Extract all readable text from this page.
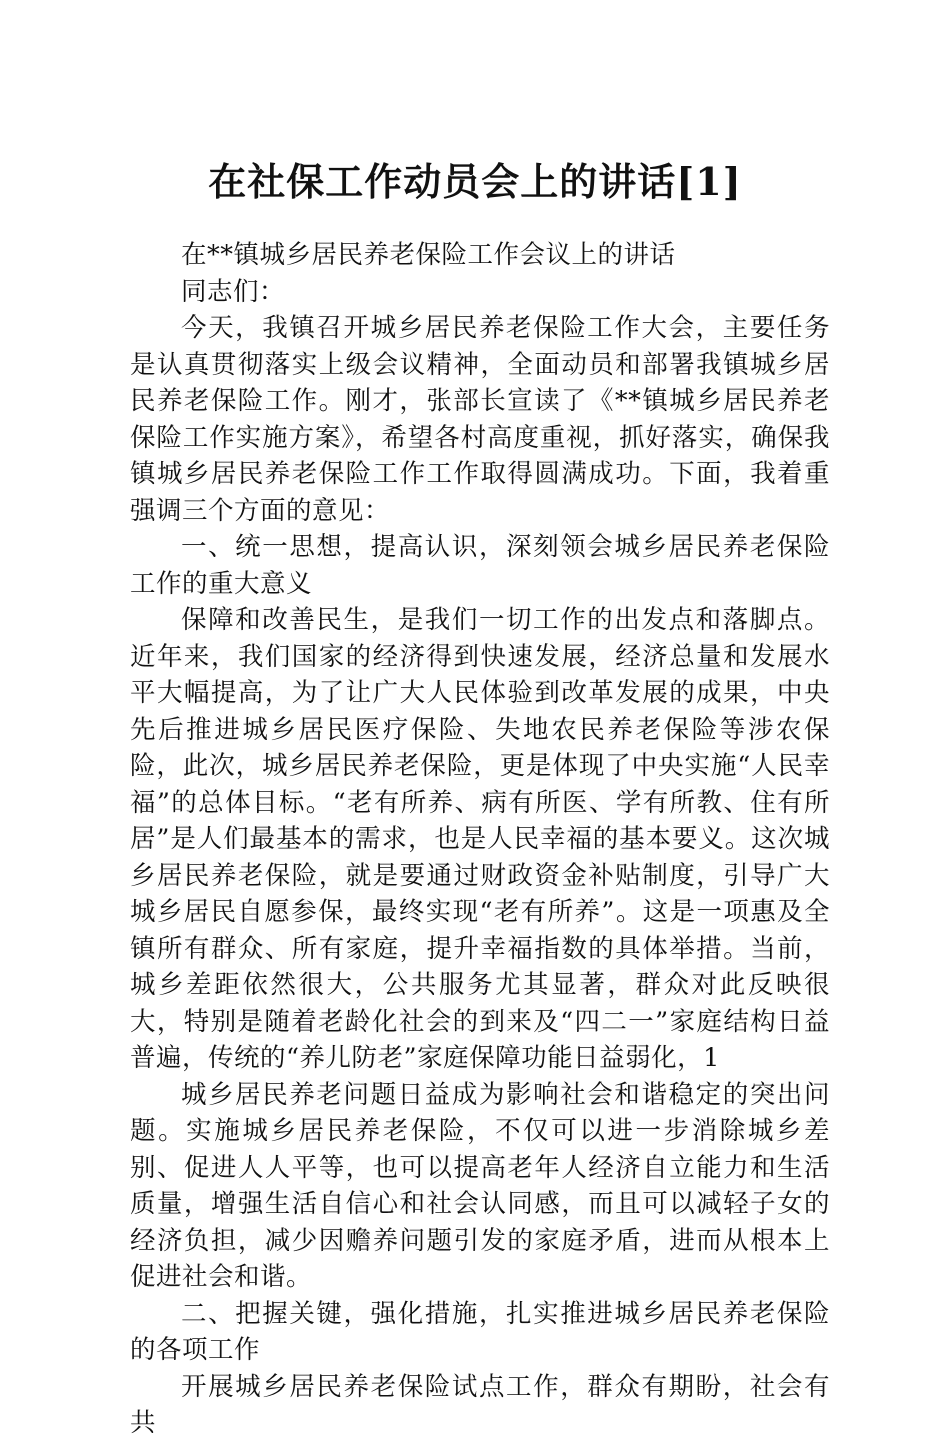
在社保工作动员会上的讲话[1]

在**镇城乡居民养老保险工作会议上的讲话

同志们：

今天，我镇召开城乡居民养老保险工作大会，主要任务是认真贯彻落实上级会议精神，全面动员和部署我镇城乡居民养老保险工作。刚才，张部长宣读了《**镇城乡居民养老保险工作实施方案》，希望各村高度重视，抓好落实，确保我镇城乡居民养老保险工作工作取得圆满成功。下面，我着重强调三个方面的意见：

一、统一思想，提高认识，深刻领会城乡居民养老保险工作的重大意义

保障和改善民生，是我们一切工作的出发点和落脚点。近年来，我们国家的经济得到快速发展，经济总量和发展水平大幅提高，为了让广大人民体验到改革发展的成果，中央先后推进城乡居民医疗保险、失地农民养老保险等涉农保险，此次，城乡居民养老保险，更是体现了中央实施“人民幸福”的总体目标。“老有所养、病有所医、学有所教、住有所居”是人们最基本的需求，也是人民幸福的基本要义。这次城乡居民养老保险，就是要通过财政资金补贴制度，引导广大城乡居民自愿参保，最终实现“老有所养”。这是一项惠及全镇所有群众、所有家庭，提升幸福指数的具体举措。当前，城乡差距依然很大，公共服务尤其显著，群众对此反映很大，特别是随着老龄化社会的到来及“四二一”家庭结构日益普遍，传统的“养儿防老”家庭保障功能日益弱化，1

城乡居民养老问题日益成为影响社会和谐稳定的突出问题。实施城乡居民养老保险，不仅可以进一步消除城乡差别、促进人人平等，也可以提高老年人经济自立能力和生活质量，增强生活自信心和社会认同感，而且可以减轻子女的经济负担，减少因赡养问题引发的家庭矛盾，进而从根本上促进社会和谐。

二、把握关键，强化措施，扎实推进城乡居民养老保险的各项工作

开展城乡居民养老保险试点工作，群众有期盼，社会有共
